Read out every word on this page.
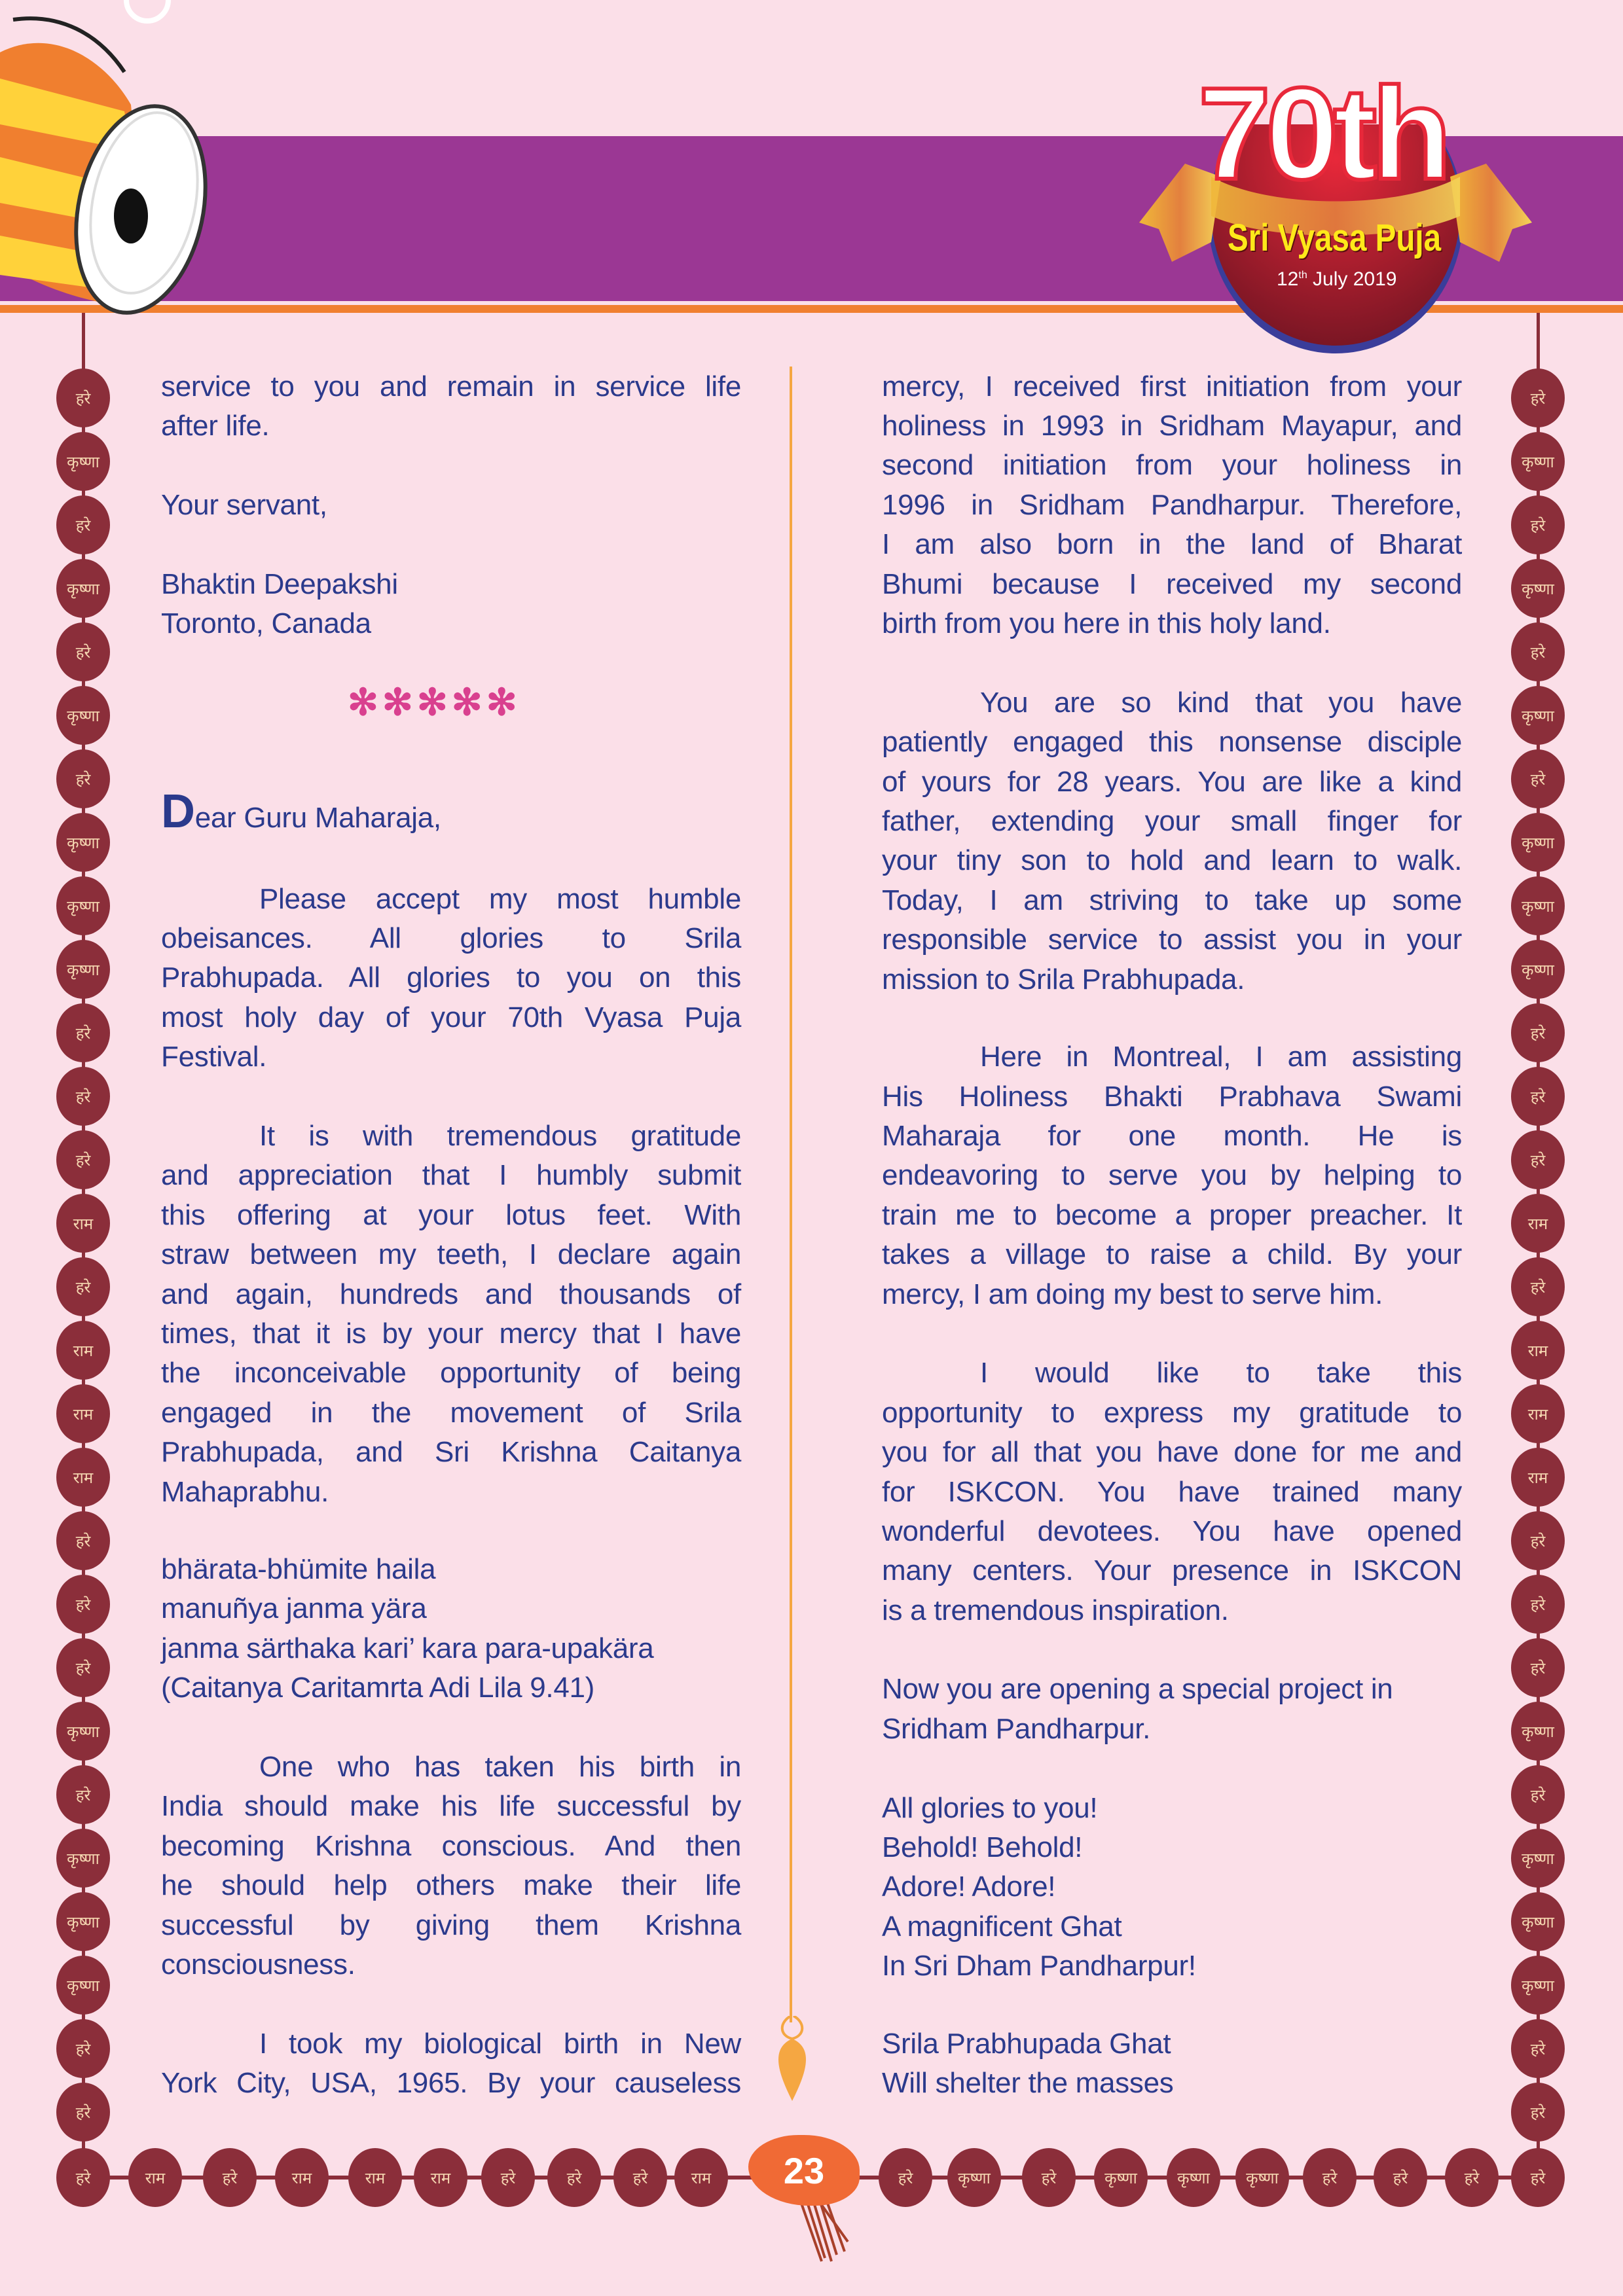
70th
Sri Vyasa Puja
12th July 2019
हरे
कृष्णा
हरे
कृष्णा
हरे
कृष्णा
हरे
कृष्णा
कृष्णा
कृष्णा
हरे
हरे
हरे
राम
हरे
राम
राम
राम
हरे
हरे
हरे
कृष्णा
हरे
कृष्णा
कृष्णा
कृष्णा
हरे
हरे
हरे
कृष्णा
हरे
कृष्णा
हरे
कृष्णा
हरे
कृष्णा
कृष्णा
कृष्णा
हरे
हरे
हरे
राम
हरे
राम
राम
राम
हरे
हरे
हरे
कृष्णा
हरे
कृष्णा
कृष्णा
कृष्णा
हरे
हरे
हरे	राम	हरे	राम	राम	राम	हरे	हरे	हरे	राम	हरे	कृष्णा	हरे	कृष्णा	कृष्णा	कृष्णा	हरे	हरे	हरे	हरे
service to you and remain in service life
after life.
Your servant,
Bhaktin Deepakshi
Toronto, Canada
✻✻✻✻✻
Dear Guru Maharaja,
Please accept my most humble
obeisances. All glories to Srila
Prabhupada. All glories to you on this
most holy day of your 70th Vyasa Puja
Festival.
It is with tremendous gratitude
and appreciation that I humbly submit
this offering at your lotus feet. With
straw between my teeth, I declare again
and again, hundreds and thousands of
times, that it is by your mercy that I have
the inconceivable opportunity of being
engaged in the movement of Srila
Prabhupada, and Sri Krishna Caitanya
Mahaprabhu.
bhärata-bhümite haila
manuñya janma yära
janma särthaka kari’ kara para-upakära
(Caitanya Caritamrta Adi Lila 9.41)
One who has taken his birth in
India should make his life successful by
becoming Krishna conscious. And then
he should help others make their life
successful by giving them Krishna
consciousness.
I took my biological birth in New
York City, USA, 1965. By your causeless
mercy, I received first initiation from your
holiness in 1993 in Sridham Mayapur, and
second initiation from your holiness in
1996 in Sridham Pandharpur. Therefore,
I am also born in the land of Bharat
Bhumi because I received my second
birth from you here in this holy land.
You are so kind that you have
patiently engaged this nonsense disciple
of yours for 28 years. You are like a kind
father, extending your small finger for
your tiny son to hold and learn to walk.
Today, I am striving to take up some
responsible service to assist you in your
mission to Srila Prabhupada.
Here in Montreal, I am assisting
His Holiness Bhakti Prabhava Swami
Maharaja for one month. He is
endeavoring to serve you by helping to
train me to become a proper preacher. It
takes a village to raise a child. By your
mercy, I am doing my best to serve him.
I would like to take this
opportunity to express my gratitude to
you for all that you have done for me and
for ISKCON. You have trained many
wonderful devotees. You have opened
many centers. Your presence in ISKCON
is a tremendous inspiration.
Now you are opening a special project in
Sridham Pandharpur.
All glories to you!
Behold! Behold!
Adore! Adore!
A magnificent Ghat
In Sri Dham Pandharpur!
Srila Prabhupada Ghat
Will shelter the masses
23
